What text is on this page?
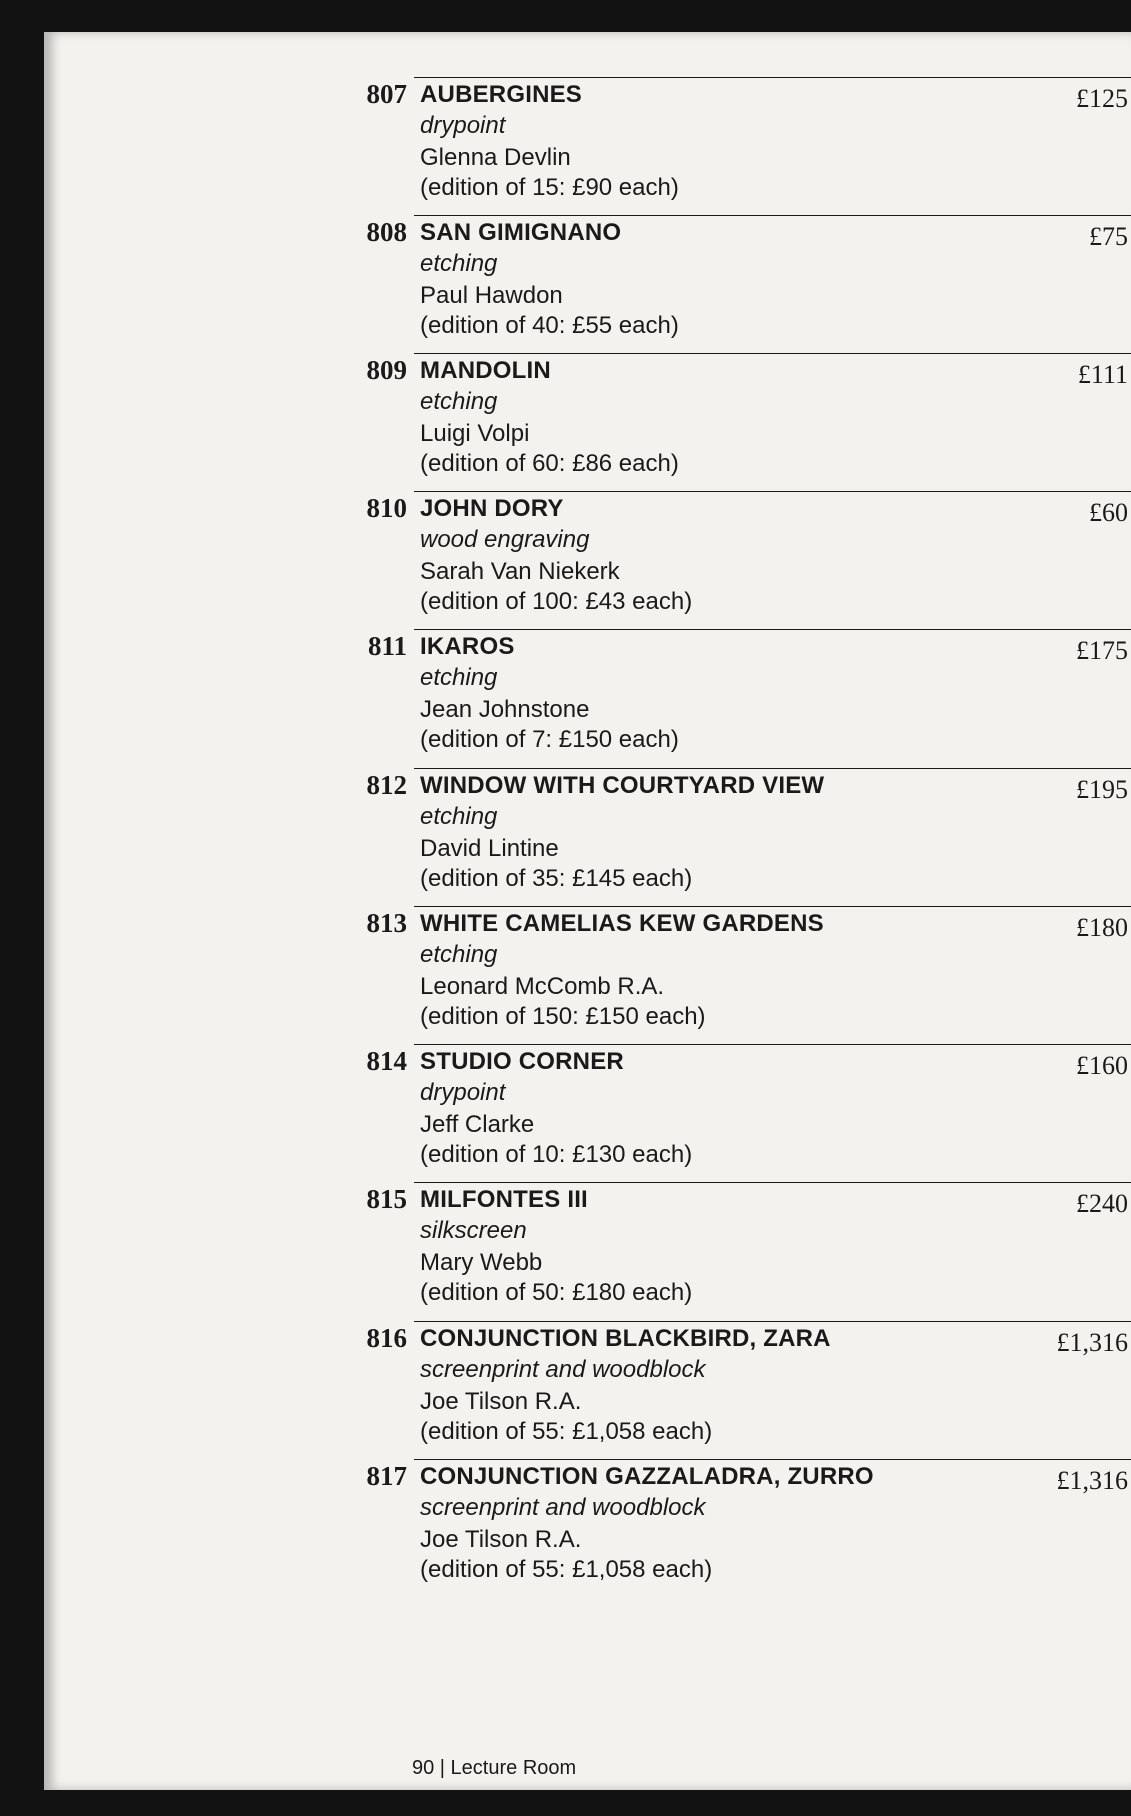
807 AUBERGINES
drypoint
Glenna Devlin
(edition of 15: £90 each)
£125
808 SAN GIMIGNANO
etching
Paul Hawdon
(edition of 40: £55 each)
£75
809 MANDOLIN
etching
Luigi Volpi
(edition of 60: £86 each)
£111
810 JOHN DORY
wood engraving
Sarah Van Niekerk
(edition of 100: £43 each)
£60
811 IKAROS
etching
Jean Johnstone
(edition of 7: £150 each)
£175
812 WINDOW WITH COURTYARD VIEW
etching
David Lintine
(edition of 35: £145 each)
£195
813 WHITE CAMELIAS KEW GARDENS
etching
Leonard McComb R.A.
(edition of 150: £150 each)
£180
814 STUDIO CORNER
drypoint
Jeff Clarke
(edition of 10: £130 each)
£160
815 MILFONTES III
silkscreen
Mary Webb
(edition of 50: £180 each)
£240
816 CONJUNCTION BLACKBIRD, ZARA
screenprint and woodblock
Joe Tilson R.A.
(edition of 55: £1,058 each)
£1,316
817 CONJUNCTION GAZZALADRA, ZURRO
screenprint and woodblock
Joe Tilson R.A.
(edition of 55: £1,058 each)
£1,316
90 | Lecture Room
